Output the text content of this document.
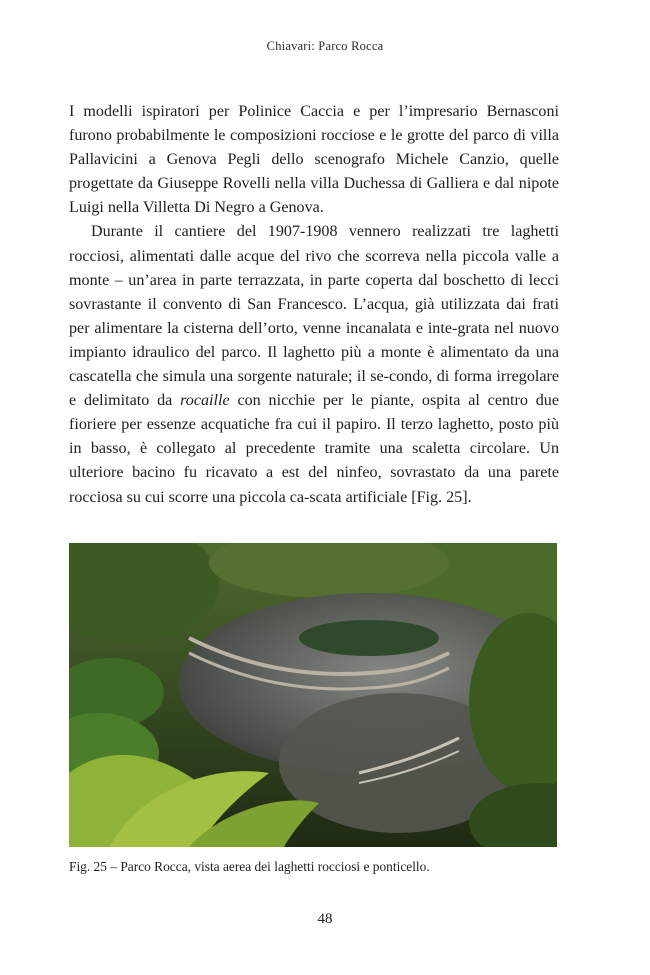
Chiavari: Parco Rocca

I modelli ispiratori per Polinice Caccia e per l’impresario Bernasconi furono probabilmente le composizioni rocciose e le grotte del parco di villa Pallavicini a Genova Pegli dello scenografo Michele Canzio, quelle progettate da Giuseppe Rovelli nella villa Duchessa di Galliera e dal nipote Luigi nella Villetta Di Negro a Genova.

Durante il cantiere del 1907-1908 vennero realizzati tre laghetti rocciosi, alimentati dalle acque del rivo che scorreva nella piccola valle a monte – un’area in parte terrazzata, in parte coperta dal boschetto di lecci sovrastante il convento di San Francesco. L’acqua, già utilizzata dai frati per alimentare la cisterna dell’orto, venne incanalata e inte-grata nel nuovo impianto idraulico del parco. Il laghetto più a monte è alimentato da una cascatella che simula una sorgente naturale; il se-condo, di forma irregolare e delimitato da rocaille con nicchie per le piante, ospita al centro due fioriere per essenze acquatiche fra cui il papiro. Il terzo laghetto, posto più in basso, è collegato al precedente tramite una scaletta circolare. Un ulteriore bacino fu ricavato a est del ninfeo, sovrastato da una parete rocciosa su cui scorre una piccola ca-scata artificiale [Fig. 25].

Fig. 25 – Parco Rocca, vista aerea dei laghetti rocciosi e ponticello.
48
